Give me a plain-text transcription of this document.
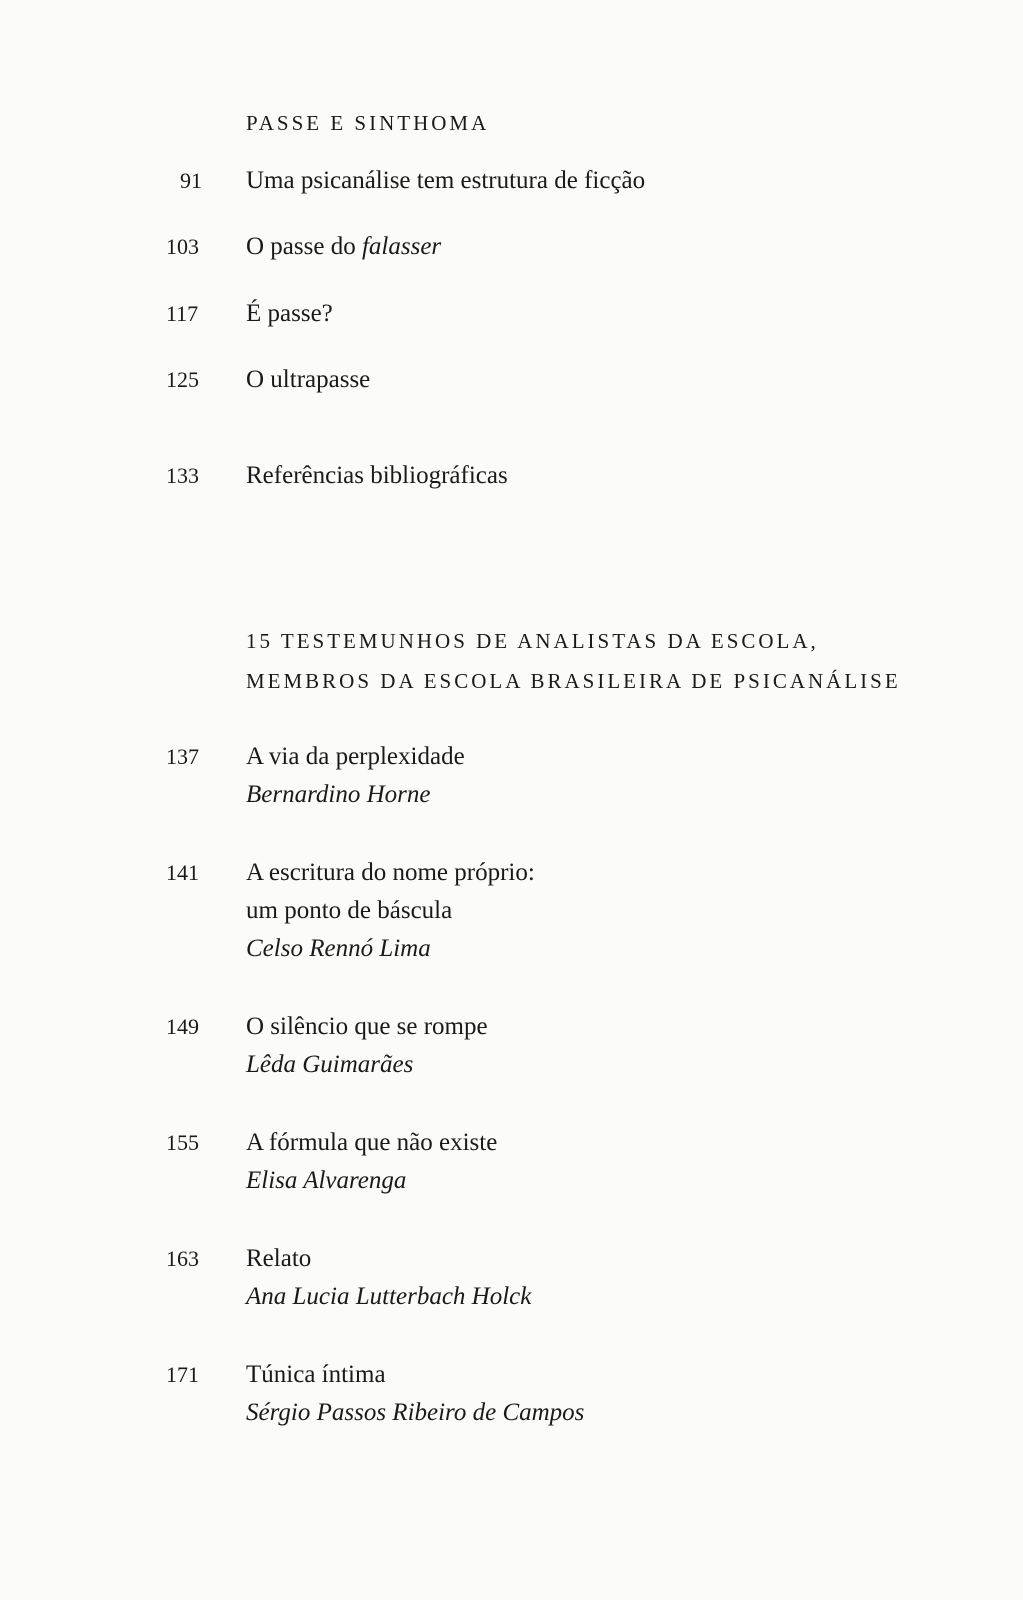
PASSE E SINTHOMA
91	Uma psicanálise tem estrutura de ficção
103	O passe do falasser
117	É passe?
125	O ultrapasse
133	Referências bibliográficas
15 TESTEMUNHOS DE ANALISTAS DA ESCOLA,
MEMBROS DA ESCOLA BRASILEIRA DE PSICANÁLISE
137	A via da perplexidade
Bernardino Horne
141	A escritura do nome próprio:
um ponto de báscula
Celso Rennó Lima
149	O silêncio que se rompe
Lêda Guimarães
155	A fórmula que não existe
Elisa Alvarenga
163	Relato
Ana Lucia Lutterbach Holck
171	Túnica íntima
Sérgio Passos Ribeiro de Campos
